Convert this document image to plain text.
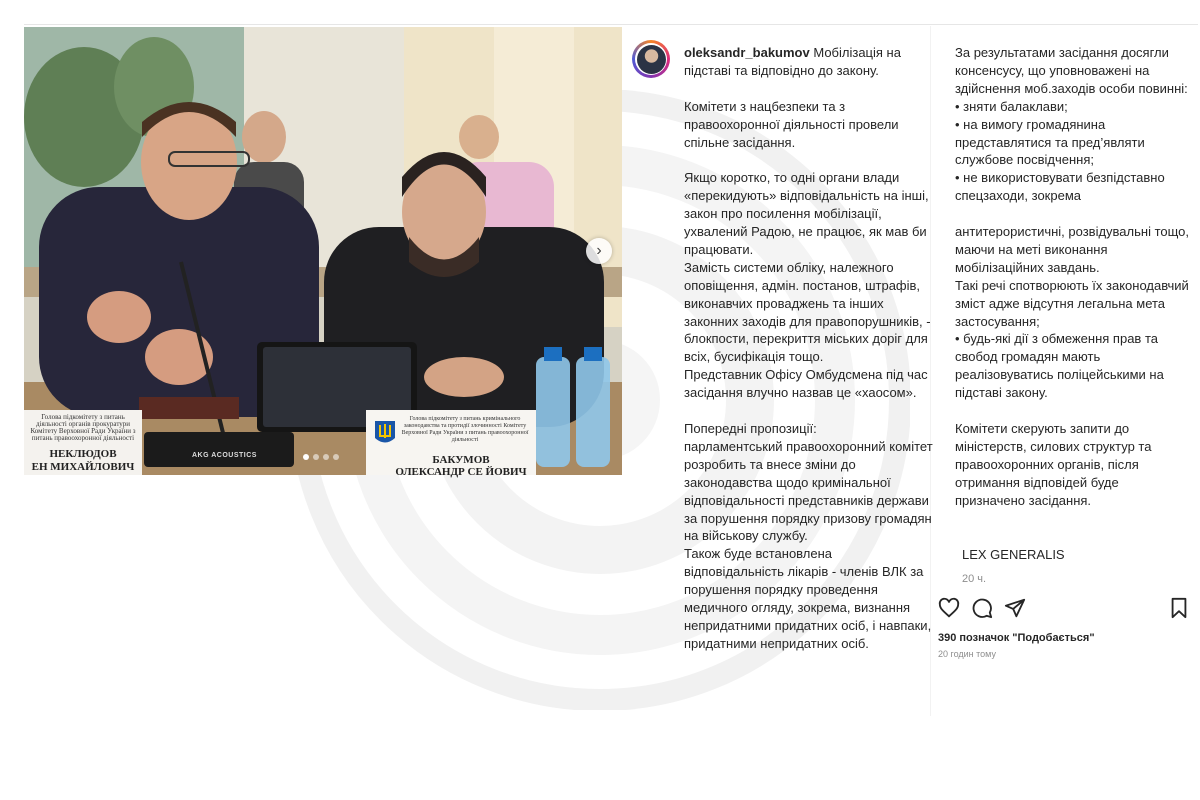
Голова підкомітету з питань діяльності органів прокуратури Комітету Верховної Ради України з питань правоохоронної діяльності
НЕКЛЮДОВ
ЕН МИХАЙЛОВИЧ
Голова підкомітету з питань кримінального законодавства та протидії злочинності Комітету Верховної Ради України з питань правоохоронної діяльності
БАКУМОВ
ОЛЕКСАНДР СЕ ЙОВИЧ
AKG ACOUSTICS
›

oleksandr_bakumov Мобілізація на підставі та відповідно до закону.

Комітети з нацбезпеки та з правоохоронної діяльності провели спільне засідання.

Якщо коротко, то одні органи влади «перекидують» відповідальність на інші, закон про посилення мобілізації, ухвалений Радою, не працює, як мав би працювати.

Замість системи обліку, належного оповіщення, адмін. постанов, штрафів, виконавчих проваджень та інших законних заходів для правопорушників, - блокпости, перекриття міських доріг для всіх, бусифікація тощо.

Представник Офісу Омбудсмена під час засідання влучно назвав це «хаосом».

Попередні пропозиції:

парламентський правоохоронний комітет розробить та внесе зміни до законодавства щодо кримінальної відповідальності представників держави за порушення порядку призову громадян на військову службу.

Також буде встановлена відповідальність лікарів - членів ВЛК за порушення порядку проведення медичного огляду, зокрема, визнання непридатними придатних осіб, і навпаки, придатними непридатних осіб.

За результатами засідання досягли консенсусу, що уповноважені на здійснення моб.заходів особи повинні:

• зняти балаклави;

• на вимогу громадянина представлятися та пред’являти службове посвідчення;

• не використовувати безпідставно спецзаходи, зокрема

антитерористичні, розвідувальні тощо, маючи на меті виконання мобілізаційних завдань.

Такі речі спотворюють їх законодавчий зміст адже відсутня легальна мета застосування;

• будь-які дії з обмеження прав та свобод громадян мають реалізовуватись поліцейськими на підставі закону.

Комітети скерують запити до міністерств, силових структур та правоохоронних органів, після отримання відповідей буде призначено засідання.

LEX GENERALIS
20 ч.
390 позначок "Подобається"
20 годин тому
